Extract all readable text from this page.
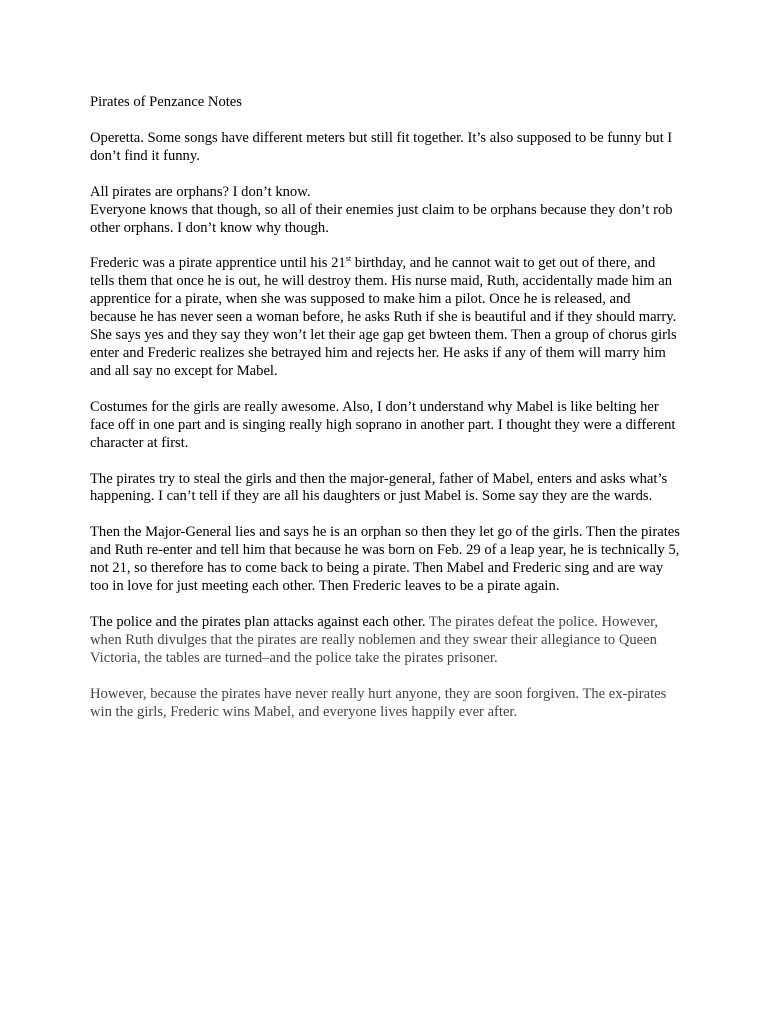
Pirates of Penzance Notes

Operetta. Some songs have different meters but still fit together. It’s also supposed to be funny but I don’t find it funny.

All pirates are orphans? I don’t know.
Everyone knows that though, so all of their enemies just claim to be orphans because they don’t rob other orphans. I don’t know why though.

Frederic was a pirate apprentice until his 21st birthday, and he cannot wait to get out of there, and tells them that once he is out, he will destroy them. His nurse maid, Ruth, accidentally made him an apprentice for a pirate, when she was supposed to make him a pilot. Once he is released, and because he has never seen a woman before, he asks Ruth if she is beautiful and if they should marry. She says yes and they say they won’t let their age gap get bwteen them. Then a group of chorus girls enter and Frederic realizes she betrayed him and rejects her. He asks if any of them will marry him and all say no except for Mabel.

Costumes for the girls are really awesome. Also, I don’t understand why Mabel is like belting her face off in one part and is singing really high soprano in another part. I thought they were a different character at first.

The pirates try to steal the girls and then the major-general, father of Mabel, enters and asks what’s happening. I can’t tell if they are all his daughters or just Mabel is. Some say they are the wards.

Then the Major-General lies and says he is an orphan so then they let go of the girls. Then the pirates and Ruth re-enter and tell him that because he was born on Feb. 29 of a leap year, he is technically 5, not 21, so therefore has to come back to being a pirate. Then Mabel and Frederic sing and are way too in love for just meeting each other. Then Frederic leaves to be a pirate again.

The police and the pirates plan attacks against each other. The pirates defeat the police. However, when Ruth divulges that the pirates are really noblemen and they swear their allegiance to Queen Victoria, the tables are turned–and the police take the pirates prisoner.

However, because the pirates have never really hurt anyone, they are soon forgiven. The ex-pirates win the girls, Frederic wins Mabel, and everyone lives happily ever after.
